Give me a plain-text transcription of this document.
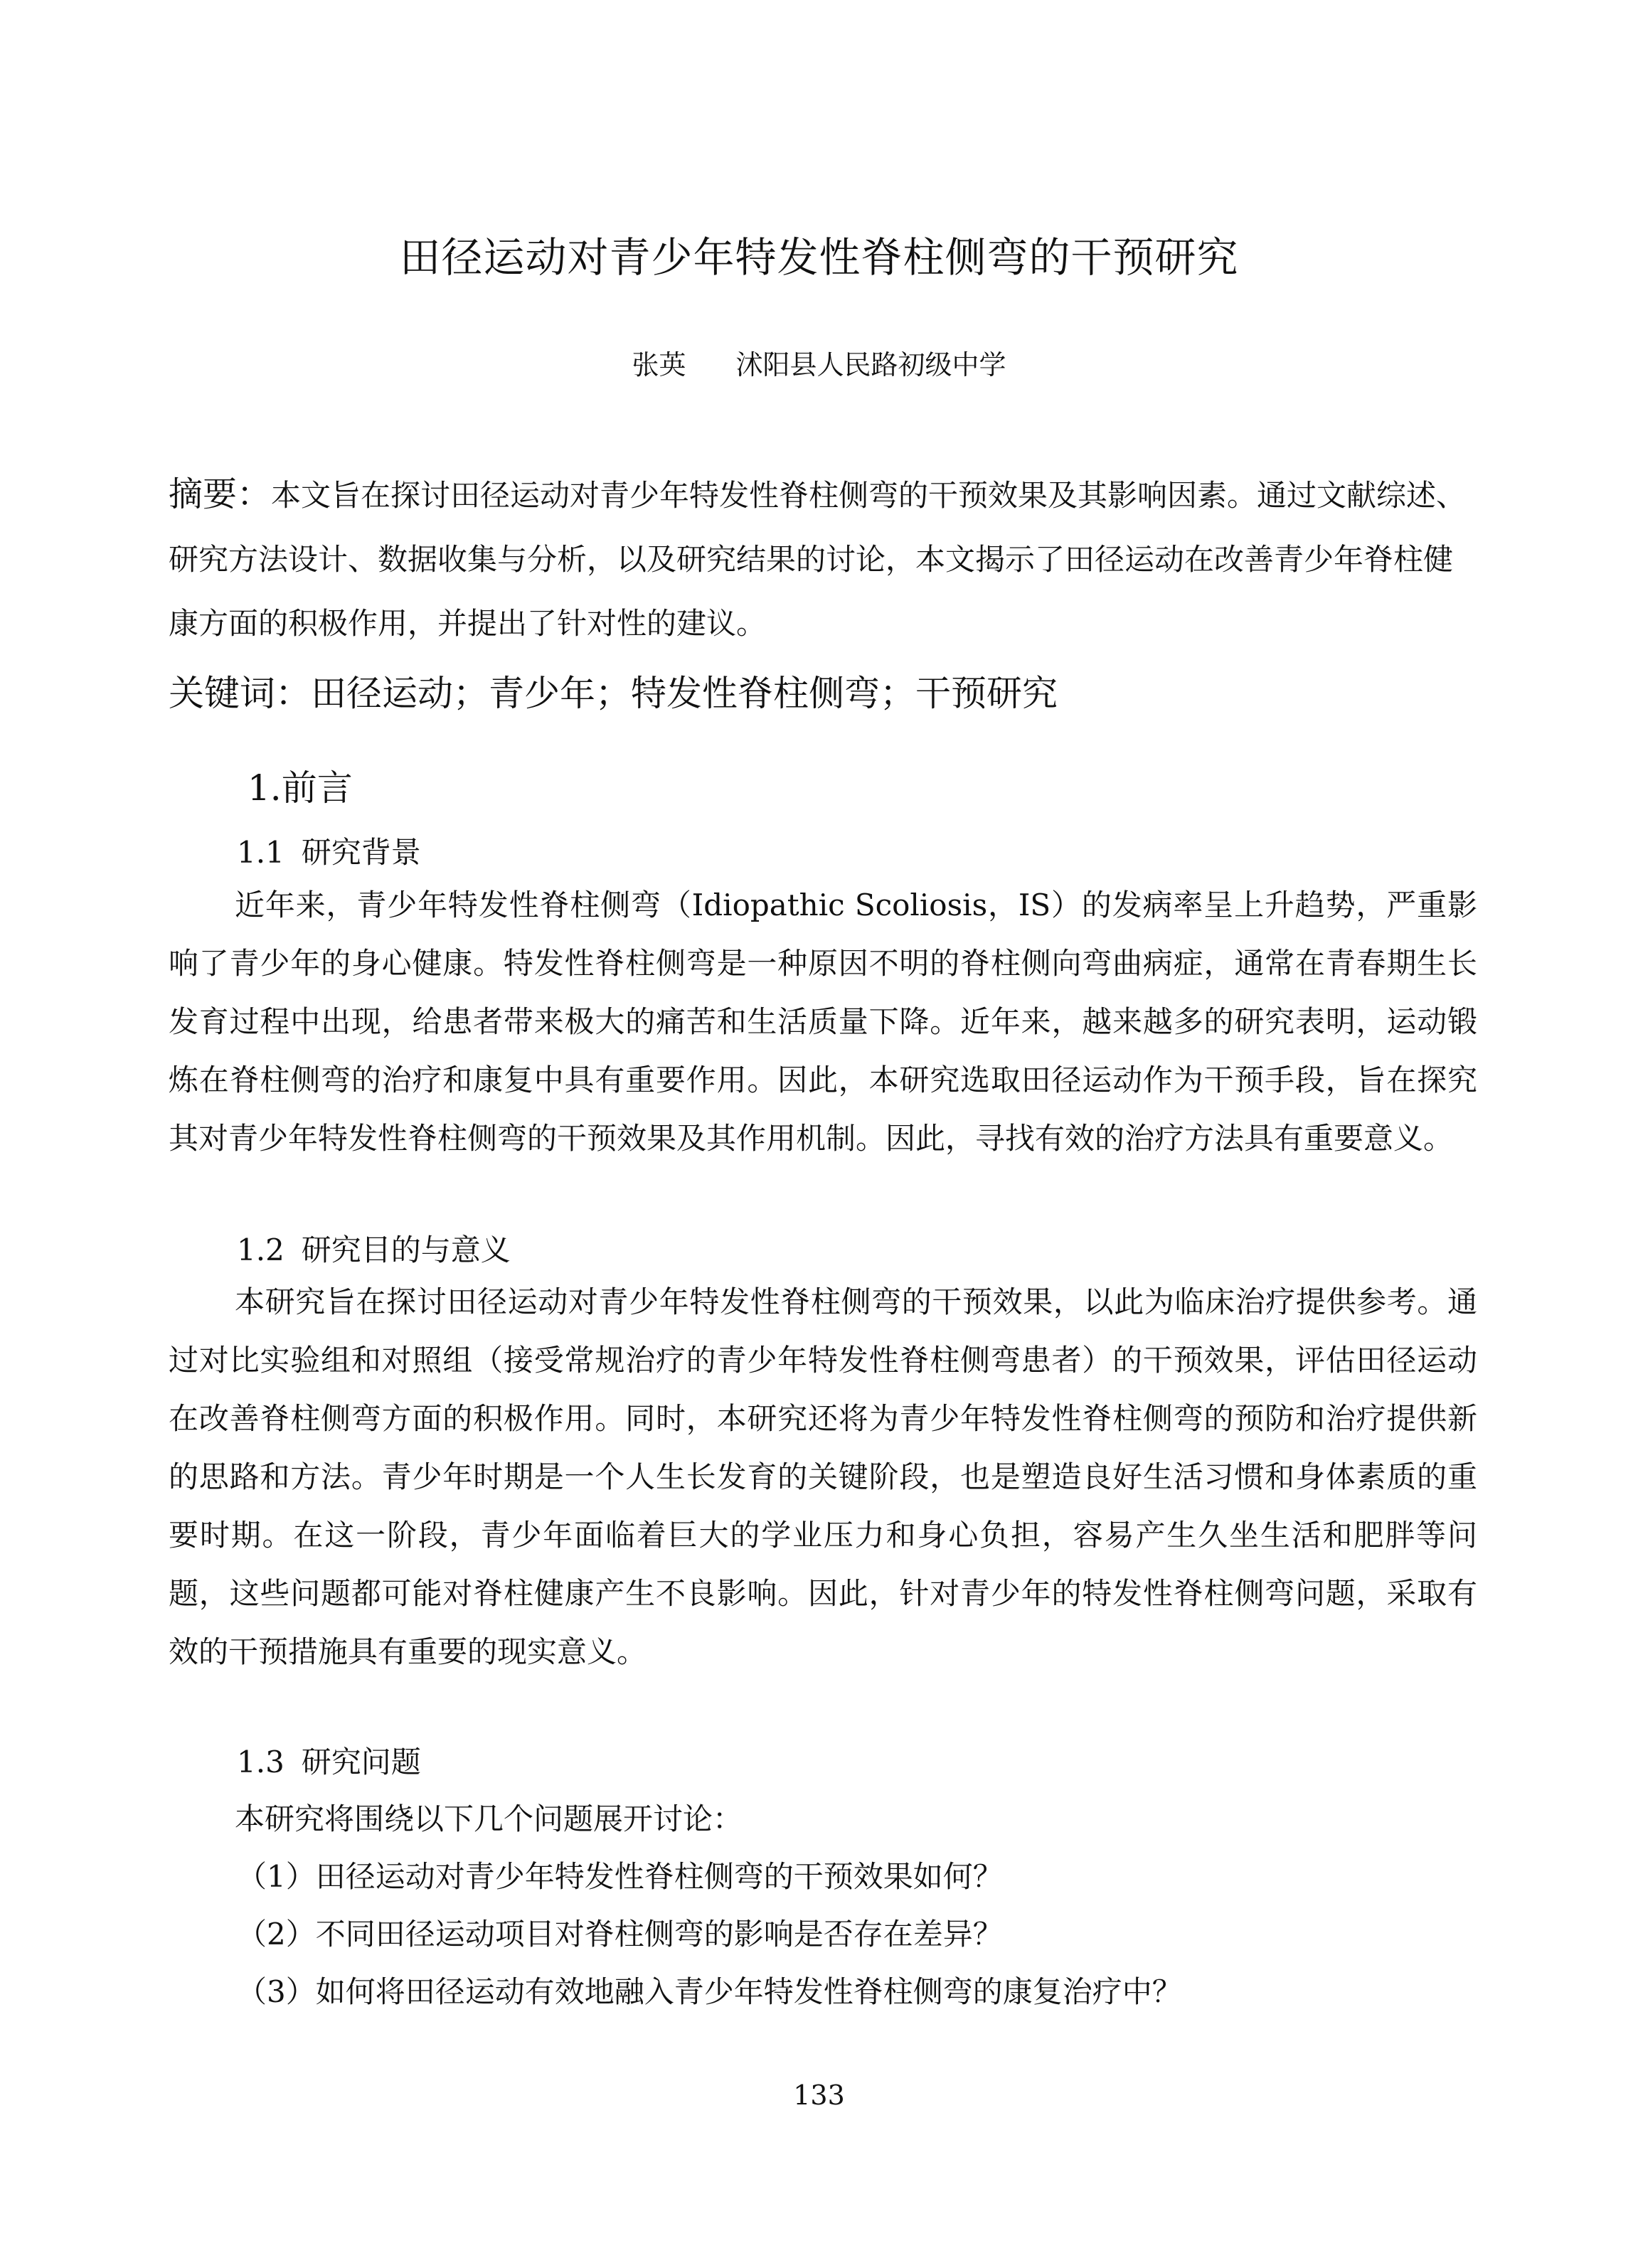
田径运动对青少年特发性脊柱侧弯的干预研究
张英 沭阳县人民路初级中学
摘要：本文旨在探讨田径运动对青少年特发性脊柱侧弯的干预效果及其影响因素。通过文献综述、研究方法设计、数据收集与分析，以及研究结果的讨论，本文揭示了田径运动在改善青少年脊柱健康方面的积极作用，并提出了针对性的建议。
关键词：田径运动；青少年；特发性脊柱侧弯；干预研究
1.前言
1.1 研究背景
近年来，青少年特发性脊柱侧弯（Idiopathic Scoliosis，IS）的发病率呈上升趋势，严重影响了青少年的身心健康。特发性脊柱侧弯是一种原因不明的脊柱侧向弯曲病症，通常在青春期生长发育过程中出现，给患者带来极大的痛苦和生活质量下降。近年来，越来越多的研究表明，运动锻炼在脊柱侧弯的治疗和康复中具有重要作用。因此，本研究选取田径运动作为干预手段，旨在探究其对青少年特发性脊柱侧弯的干预效果及其作用机制。因此，寻找有效的治疗方法具有重要意义。
1.2 研究目的与意义
本研究旨在探讨田径运动对青少年特发性脊柱侧弯的干预效果，以此为临床治疗提供参考。通过对比实验组和对照组（接受常规治疗的青少年特发性脊柱侧弯患者）的干预效果，评估田径运动在改善脊柱侧弯方面的积极作用。同时，本研究还将为青少年特发性脊柱侧弯的预防和治疗提供新的思路和方法。青少年时期是一个人生长发育的关键阶段，也是塑造良好生活习惯和身体素质的重要时期。在这一阶段，青少年面临着巨大的学业压力和身心负担，容易产生久坐生活和肥胖等问题，这些问题都可能对脊柱健康产生不良影响。因此，针对青少年的特发性脊柱侧弯问题，采取有效的干预措施具有重要的现实意义。
1.3 研究问题
本研究将围绕以下几个问题展开讨论：
（1）田径运动对青少年特发性脊柱侧弯的干预效果如何？
（2）不同田径运动项目对脊柱侧弯的影响是否存在差异？
（3）如何将田径运动有效地融入青少年特发性脊柱侧弯的康复治疗中？
133
